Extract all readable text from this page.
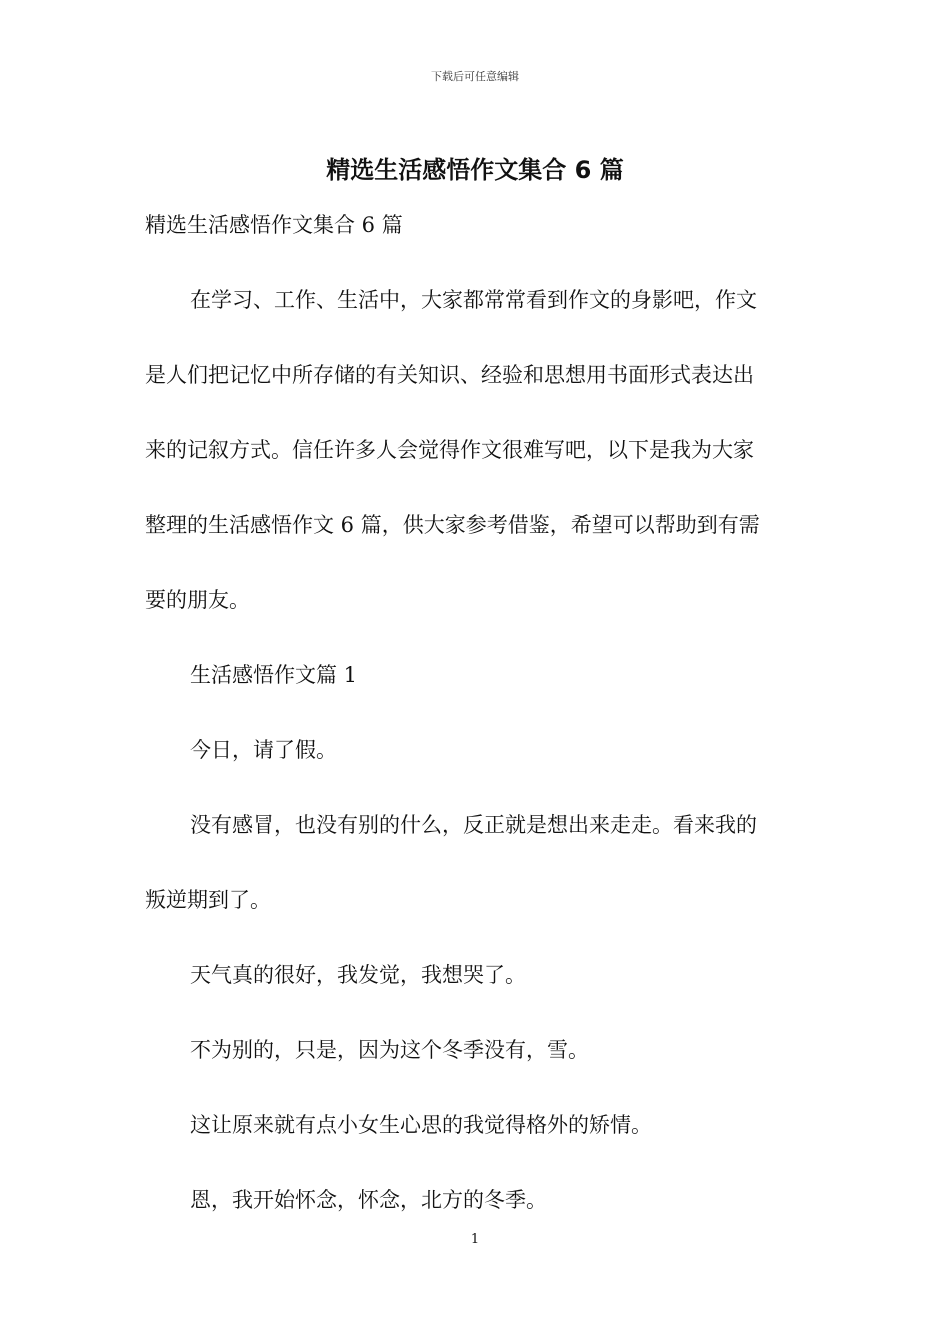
下载后可任意编辑
精选生活感悟作文集合 6 篇
精选生活感悟作文集合 6 篇
在学习、工作、生活中，大家都常常看到作文的身影吧，作文
是人们把记忆中所存储的有关知识、经验和思想用书面形式表达出
来的记叙方式。信任许多人会觉得作文很难写吧，以下是我为大家
整理的生活感悟作文 6 篇，供大家参考借鉴，希望可以帮助到有需
要的朋友。
生活感悟作文篇 1
今日，请了假。
没有感冒，也没有别的什么，反正就是想出来走走。看来我的
叛逆期到了。
天气真的很好，我发觉，我想哭了。
不为别的，只是，因为这个冬季没有，雪。
这让原来就有点小女生心思的我觉得格外的矫情。
恩，我开始怀念，怀念，北方的冬季。
1
